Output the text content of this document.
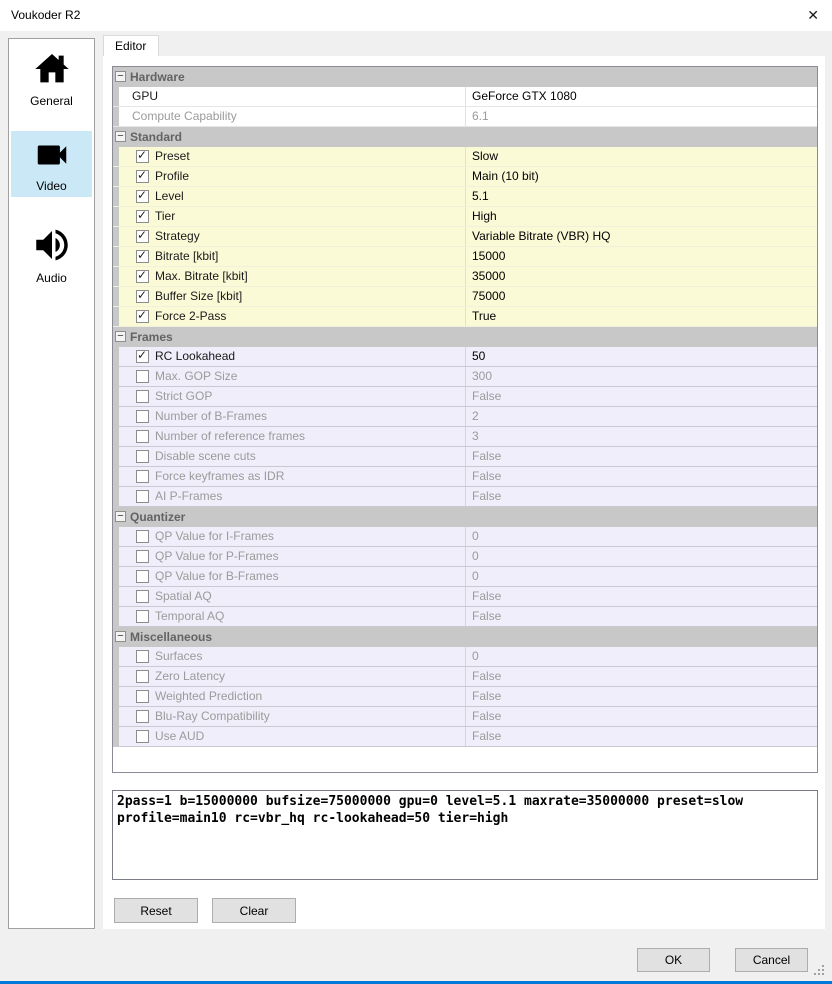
Voukoder R2	✕
General
Video
Audio
Editor
− Hardware
GPU	GeForce GTX 1080
Compute Capability	6.1
− Standard
✓ Preset	Slow
✓ Profile	Main (10 bit)
✓ Level	5.1
✓ Tier	High
✓ Strategy	Variable Bitrate (VBR) HQ
✓ Bitrate [kbit]	15000
✓ Max. Bitrate [kbit]	35000
✓ Buffer Size [kbit]	75000
✓ Force 2-Pass	True
− Frames
✓ RC Lookahead	50
Max. GOP Size	300
Strict GOP	False
Number of B-Frames	2
Number of reference frames	3
Disable scene cuts	False
Force keyframes as IDR	False
AI P-Frames	False
− Quantizer
QP Value for I-Frames	0
QP Value for P-Frames	0
QP Value for B-Frames	0
Spatial AQ	False
Temporal AQ	False
− Miscellaneous
Surfaces	0
Zero Latency	False
Weighted Prediction	False
Blu-Ray Compatibility	False
Use AUD	False
2pass=1 b=15000000 bufsize=75000000 gpu=0 level=5.1 maxrate=35000000 preset=slow profile=main10 rc=vbr_hq rc-lookahead=50 tier=high
Reset	Clear
OK	Cancel
